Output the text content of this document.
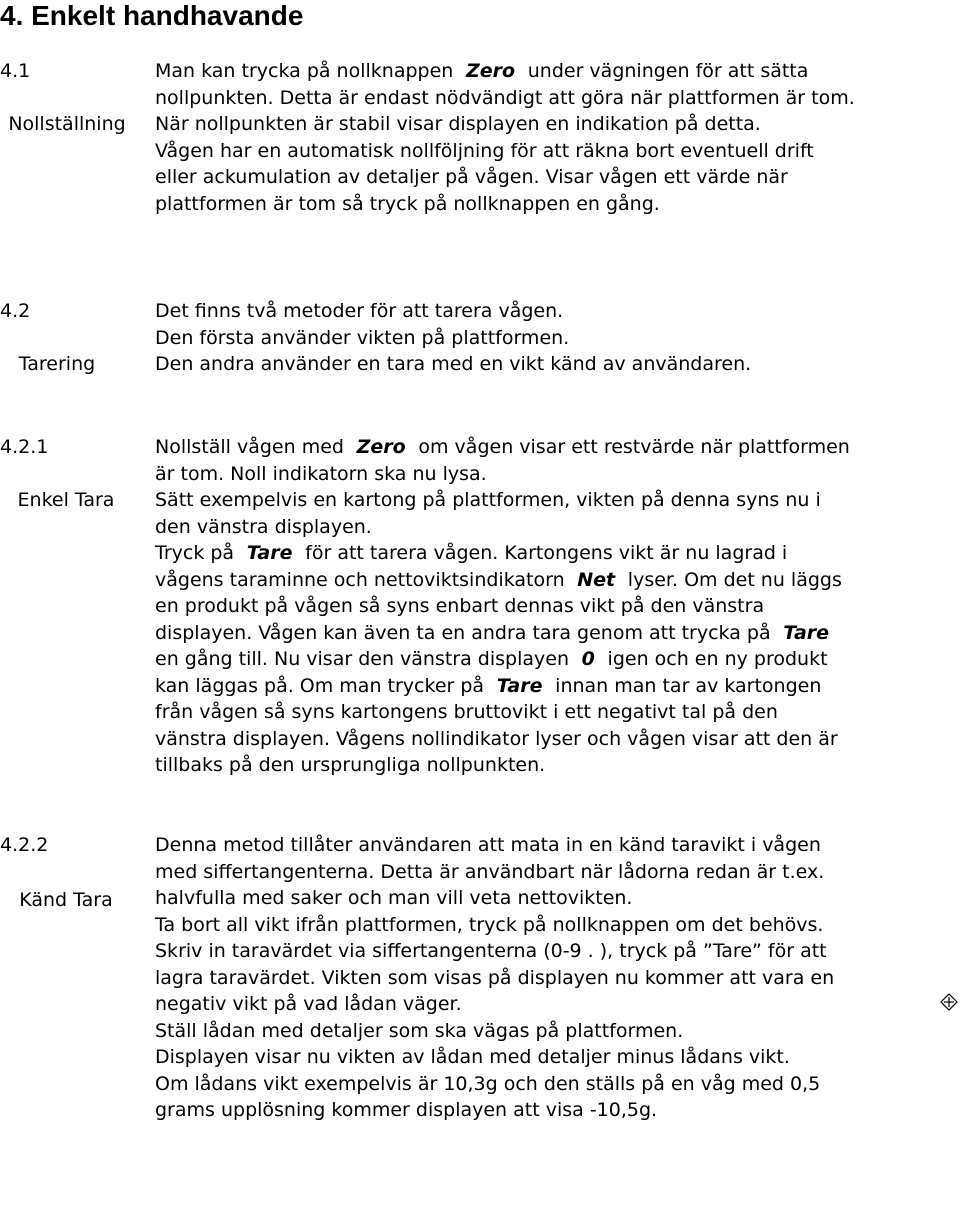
4. Enkelt handhavande
4.1
Nollställning

Man kan trycka på nollknappen  Zero  under vägningen för att sätta nollpunkten. Detta är endast nödvändigt att göra när plattformen är tom. När nollpunkten är stabil visar displayen en indikation på detta.

Vågen har en automatisk nollföljning för att räkna bort eventuell drift eller ackumulation av detaljer på vågen. Visar vågen ett värde när plattformen är tom så tryck på nollknappen en gång.

4.2
Tarering

Det finns två metoder för att tarera vågen.

Den första använder vikten på plattformen.

Den andra använder en tara med en vikt känd av användaren.

4.2.1
Enkel Tara

Nollställ vågen med  Zero  om vågen visar ett restvärde när plattformen är tom. Noll indikatorn ska nu lysa.

Sätt exempelvis en kartong på plattformen, vikten på denna syns nu i den vänstra displayen.

Tryck på  Tare  för att tarera vågen. Kartongens vikt är nu lagrad i vågens taraminne och nettoviktsindikatorn  Net  lyser. Om det nu läggs en produkt på vågen så syns enbart dennas vikt på den vänstra displayen. Vågen kan även ta en andra tara genom att trycka på  Tare  en gång till. Nu visar den vänstra displayen  0  igen och en ny produkt kan läggas på. Om man trycker på  Tare  innan man tar av kartongen från vågen så syns kartongens bruttovikt i ett negativt tal på den vänstra displayen. Vågens nollindikator lyser och vågen visar att den är tillbaks på den ursprungliga nollpunkten.

4.2.2
Känd Tara

Denna metod tillåter användaren att mata in en känd taravikt i vågen med siffertangenterna. Detta är användbart när lådorna redan är t.ex. halvfulla med saker och man vill veta nettovikten.

Ta bort all vikt ifrån plattformen, tryck på nollknappen om det behövs.

Skriv in taravärdet via siffertangenterna (0-9 . ), tryck på ”Tare” för att lagra taravärdet. Vikten som visas på displayen nu kommer att vara en negativ vikt på vad lådan väger.

Ställ lådan med detaljer som ska vägas på plattformen.

Displayen visar nu vikten av lådan med detaljer minus lådans vikt.

Om lådans vikt exempelvis är 10,3g och den ställs på en våg med 0,5 grams upplösning kommer displayen att visa -10,5g.
